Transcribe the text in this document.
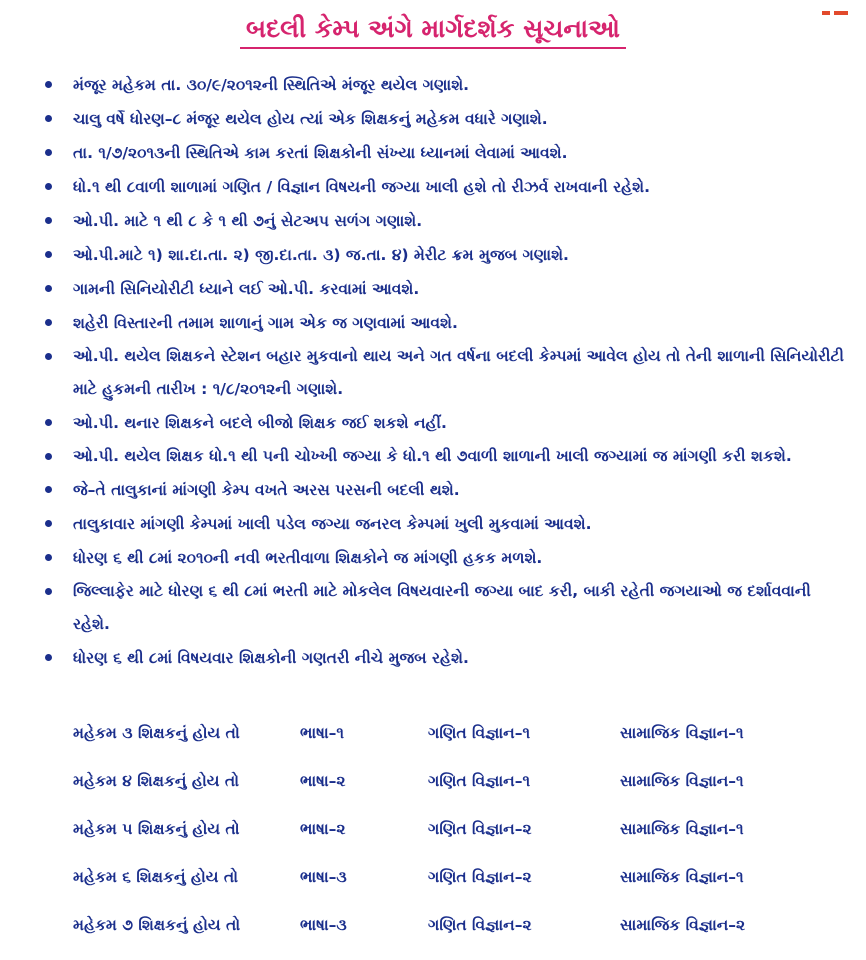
બદલી કેમ્પ અંગે માર્ગદર્શક સૂચનાઓ
મંજૂર મહેકમ તા. ૩૦/૯/૨૦૧૨ની સ્થિતિએ મંજૂર થયેલ ગણાશે.
ચાલુ વર્ષે ધોરણ–૮ મંજૂર થયેલ હોય ત્યાં એક શિક્ષકનું મહેકમ વધારે ગણાશે.
તા. ૧/૭/૨૦૧૩ની સ્થિતિએ કામ કરતાં શિક્ષકોની સંખ્યા ધ્યાનમાં લેવામાં આવશે.
ધો.૧ થી ૮વાળી શાળામાં ગણિત / વિજ્ઞાન વિષયની જગ્યા ખાલી હશે તો રીઝર્વ રાખવાની રહેશે.
ઓ.પી. માટે ૧ થી ૮ કે ૧ થી ૭નું સેટઅપ સળંગ ગણાશે.
ઓ.પી.માટે ૧) શા.દા.તા. ૨) જી.દા.તા. ૩) જ.તા. ૪) મેરીટ ક્રમ મુજબ ગણાશે.
ગામની સિનિયોરીટી ધ્યાને લઈ ઓ.પી. કરવામાં આવશે.
શહેરી વિસ્તારની તમામ શાળાનું ગામ એક જ ગણવામાં આવશે.
ઓ.પી. થયેલ શિક્ષકને સ્ટેશન બહાર મુકવાનો થાય અને ગત વર્ષના બદલી કેમ્પમાં આવેલ હોય તો તેની શાળાની સિનિયોરીટી માટે હુકમની તારીખ : ૧/૮/૨૦૧૨ની ગણાશે.
ઓ.પી. થનાર શિક્ષકને બદલે બીજો શિક્ષક જઈ શકશે નહીં.
ઓ.પી. થયેલ શિક્ષક ધો.૧ થી ૫ની ચોખ્ખી જગ્યા કે ધો.૧ થી ૭વાળી શાળાની ખાલી જગ્યામાં જ માંગણી કરી શકશે.
જે–તે તાલુકાનાં માંગણી કેમ્પ વખતે અરસ પરસની બદલી થશે.
તાલુકાવાર માંગણી કેમ્પમાં ખાલી પડેલ જગ્યા જનરલ કેમ્પમાં ખુલી મુકવામાં આવશે.
ધોરણ ૬ થી ૮માં ૨૦૧૦ની નવી ભરતીવાળા શિક્ષકોને જ માંગણી હકક મળશે.
જિલ્લાફેર માટે ધોરણ ૬ થી ૮માં ભરતી માટે મોકલેલ વિષયવારની જગ્યા બાદ કરી, બાકી રહેતી જગયાઓ જ દર્શાવવાની રહેશે.
ધોરણ ૬ થી ૮માં વિષયવાર શિક્ષકોની ગણતરી નીચે મુજબ રહેશે.
મહેકમ ૩ શિક્ષકનું હોય તો	ભાષા–૧	ગણિત વિજ્ઞાન–૧	સામાજિક વિજ્ઞાન–૧
મહેકમ ૪ શિક્ષકનું હોય તો	ભાષા–૨	ગણિત વિજ્ઞાન–૧	સામાજિક વિજ્ઞાન–૧
મહેકમ ૫ શિક્ષકનું હોય તો	ભાષા–૨	ગણિત વિજ્ઞાન–૨	સામાજિક વિજ્ઞાન–૧
મહેકમ ૬ શિક્ષકનું હોય તો	ભાષા–૩	ગણિત વિજ્ઞાન–૨	સામાજિક વિજ્ઞાન–૧
મહેકમ ૭ શિક્ષકનું હોય તો	ભાષા–૩	ગણિત વિજ્ઞાન–૨	સામાજિક વિજ્ઞાન–૨
